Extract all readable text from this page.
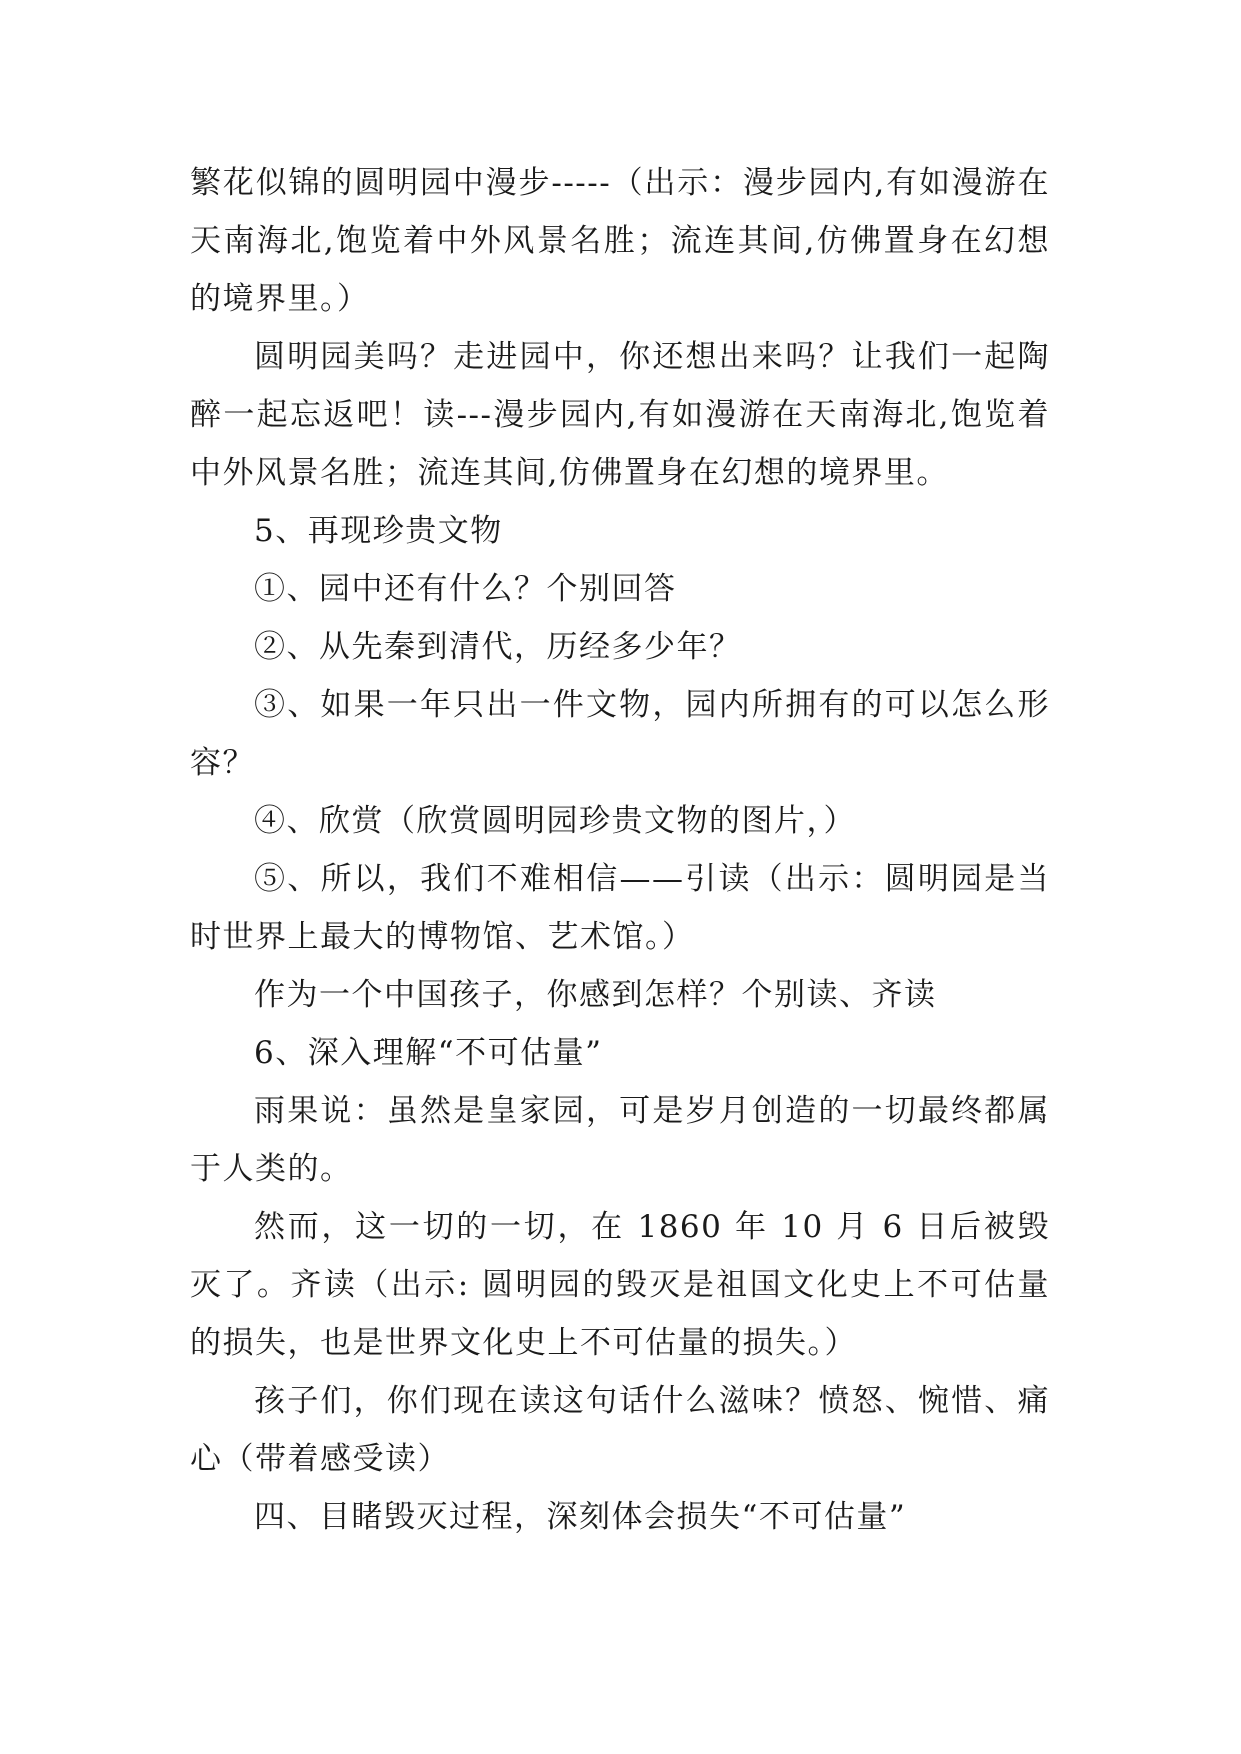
繁花似锦的圆明园中漫步-----（出示：漫步园内,有如漫游在天南海北,饱览着中外风景名胜；流连其间,仿佛置身在幻想的境界里。）

圆明园美吗？走进园中，你还想出来吗？让我们一起陶醉一起忘返吧！读---漫步园内,有如漫游在天南海北,饱览着中外风景名胜；流连其间,仿佛置身在幻想的境界里。

5、再现珍贵文物

①、园中还有什么？个别回答

②、从先秦到清代，历经多少年？

③、如果一年只出一件文物，园内所拥有的可以怎么形容？

④、欣赏（欣赏圆明园珍贵文物的图片，）

⑤、所以，我们不难相信——引读（出示：圆明园是当时世界上最大的博物馆、艺术馆。）

作为一个中国孩子，你感到怎样？个别读、齐读

6、深入理解“不可估量”

雨果说：虽然是皇家园，可是岁月创造的一切最终都属于人类的。

然而，这一切的一切，在 1860 年 10 月 6 日后被毁灭了。齐读（出示: 圆明园的毁灭是祖国文化史上不可估量的损失，也是世界文化史上不可估量的损失。）

孩子们，你们现在读这句话什么滋味？愤怒、惋惜、痛心（带着感受读）

四、目睹毁灭过程，深刻体会损失“不可估量”
